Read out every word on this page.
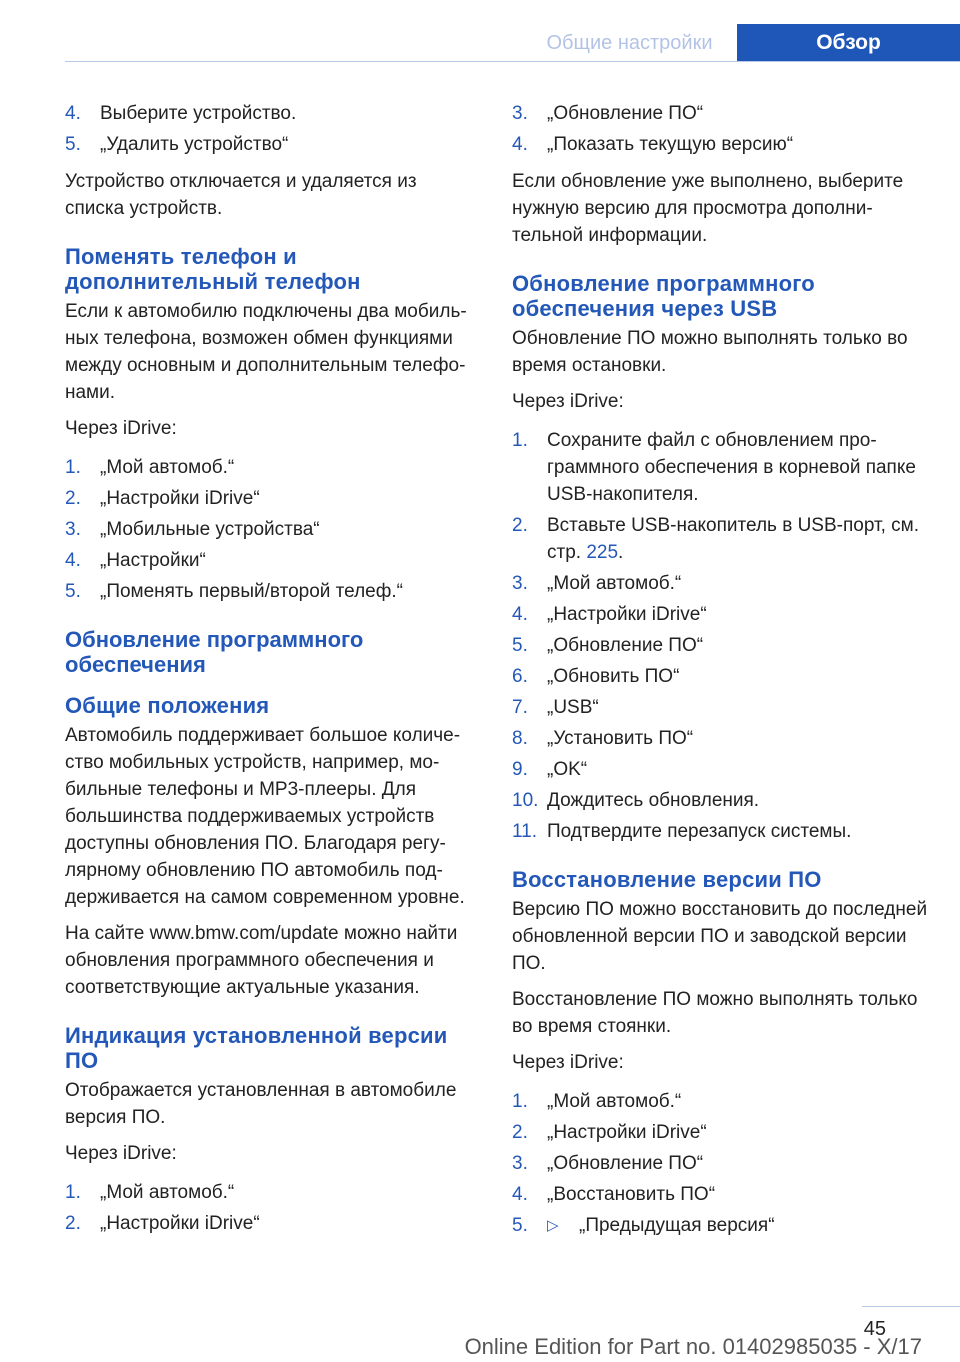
Общие настройки	Обзор
4.	Выберите устройство.
5.	„Удалить устройство“

Устройство отключается и удаляется из списка устройств.

Поменять телефон и дополнительный телефон

Если к автомобилю подключены два мобильных телефона, возможен обмен функциями между основным и дополнительным телефонами.

Через iDrive:

1.	„Мой автомоб.“
2.	„Настройки iDrive“
3.	„Мобильные устройства“
4.	„Настройки“
5.	„Поменять первый/второй телеф.“
Обновление программного обеспечения
Общие положения

Автомобиль поддерживает большое количество мобильных устройств, например, мобильные телефоны и MP3-плееры. Для большинства поддерживаемых устройств доступны обновления ПО. Благодаря регулярному обновлению ПО автомобиль поддерживается на самом современном уровне.

На сайте www.bmw.com/update можно найти обновления программного обеспечения и соответствующие актуальные указания.

Индикация установленной версии ПО

Отображается установленная в автомобиле версия ПО.

Через iDrive:

1.	„Мой автомоб.“
2.	„Настройки iDrive“
3.	„Обновление ПО“
4.	„Показать текущую версию“

Если обновление уже выполнено, выберите нужную версию для просмотра дополнительной информации.

Обновление программного обеспечения через USB

Обновление ПО можно выполнять только во время остановки.

Через iDrive:

1.	Сохраните файл с обновлением программного обеспечения в корневой папке USB-накопителя.
2.	Вставьте USB-накопитель в USB-порт, см. стр. 225.
3.	„Мой автомоб.“
4.	„Настройки iDrive“
5.	„Обновление ПО“
6.	„Обновить ПО“
7.	„USB“
8.	„Установить ПО“
9.	„OK“
10. Дождитесь обновления.
11. Подтвердите перезапуск системы.
Восстановление версии ПО

Версию ПО можно восстановить до последней обновленной версии ПО и заводской версии ПО.

Восстановление ПО можно выполнять только во время стоянки.

Через iDrive:

1.	„Мой автомоб.“
2.	„Настройки iDrive“
3.	„Обновление ПО“
4.	„Восстановить ПО“
5.	▷	„Предыдущая версия“
45
Online Edition for Part no. 01402985035 - X/17
